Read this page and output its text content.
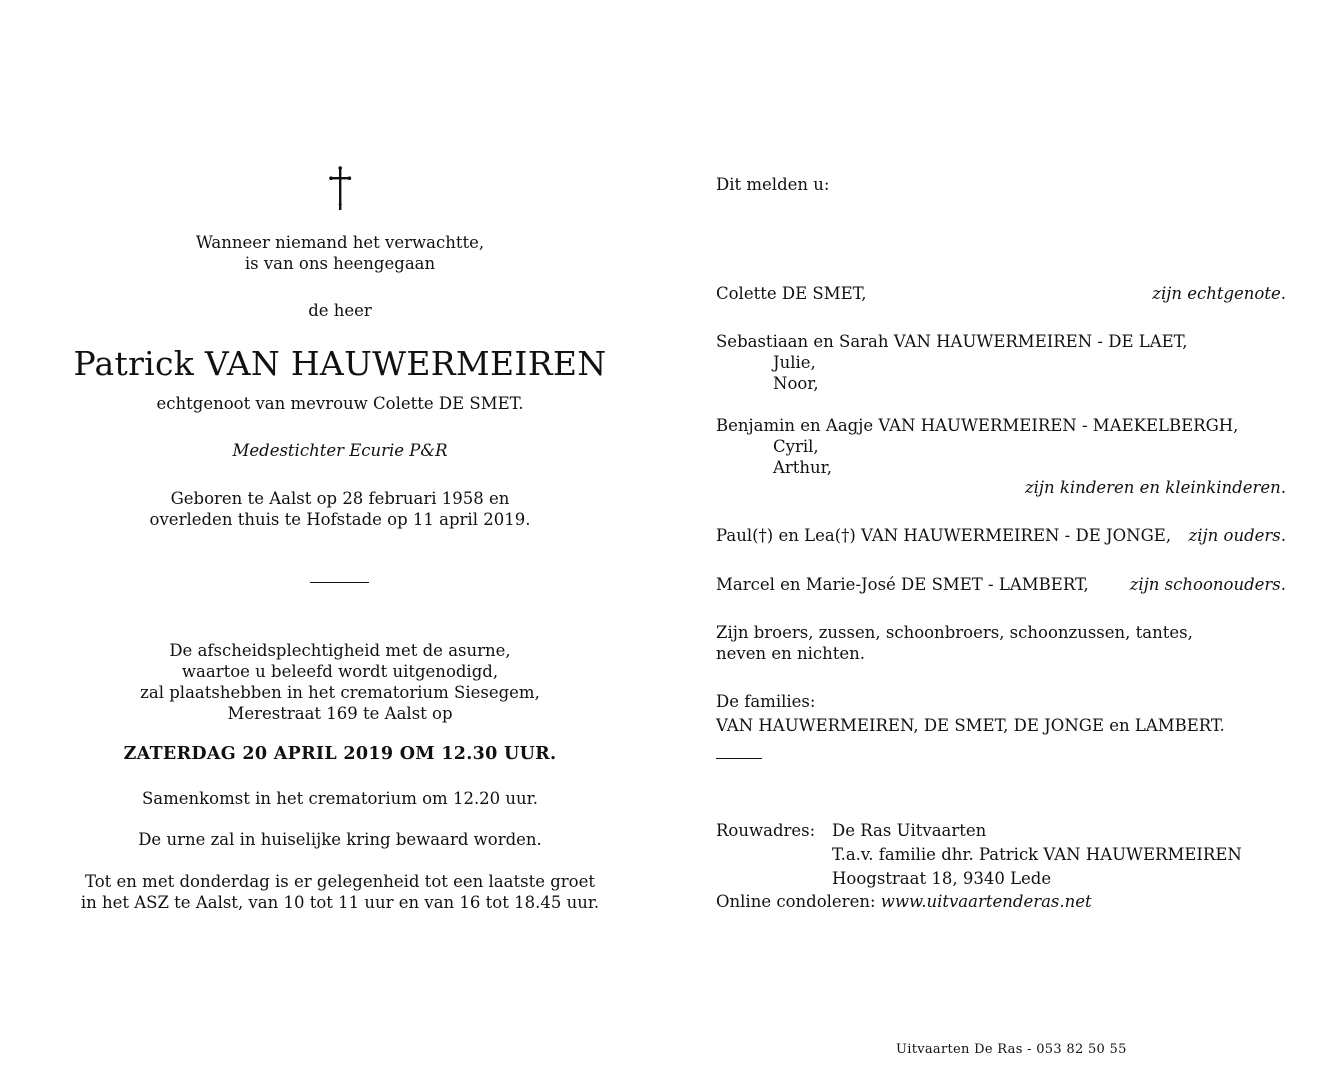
Wanneer niemand het verwachtte,
is van ons heengegaan
de heer
Patrick VAN HAUWERMEIREN
echtgenoot van mevrouw Colette DE SMET.
Medestichter Ecurie P&R
Geboren te Aalst op 28 februari 1958 en
overleden thuis te Hofstade op 11 april 2019.
De afscheidsplechtigheid met de asurne,
waartoe u beleefd wordt uitgenodigd,
zal plaatshebben in het crematorium Siesegem,
Merestraat 169 te Aalst op
ZATERDAG 20 APRIL 2019 OM 12.30 UUR.
Samenkomst in het crematorium om 12.20 uur.
De urne zal in huiselijke kring bewaard worden.
Tot en met donderdag is er gelegenheid tot een laatste groet
in het ASZ te Aalst, van 10 tot 11 uur en van 16 tot 18.45 uur.
Dit melden u:
Colette DE SMET,	zijn echtgenote.
Sebastiaan en Sarah VAN HAUWERMEIREN - DE LAET,
Julie,
Noor,
Benjamin en Aagje VAN HAUWERMEIREN - MAEKELBERGH,
Cyril,
Arthur,
zijn kinderen en kleinkinderen.
Paul(†) en Lea(†) VAN HAUWERMEIREN - DE JONGE, zijn ouders.
Marcel en Marie-José DE SMET - LAMBERT, zijn schoonouders.
Zijn broers, zussen, schoonbroers, schoonzussen, tantes,
neven en nichten.
De families:
VAN HAUWERMEIREN, DE SMET, DE JONGE en LAMBERT.
Rouwadres: De Ras Uitvaarten
T.a.v. familie dhr. Patrick VAN HAUWERMEIREN
Hoogstraat 18, 9340 Lede
Online condoleren: www.uitvaartenderas.net
Uitvaarten De Ras - 053 82 50 55
